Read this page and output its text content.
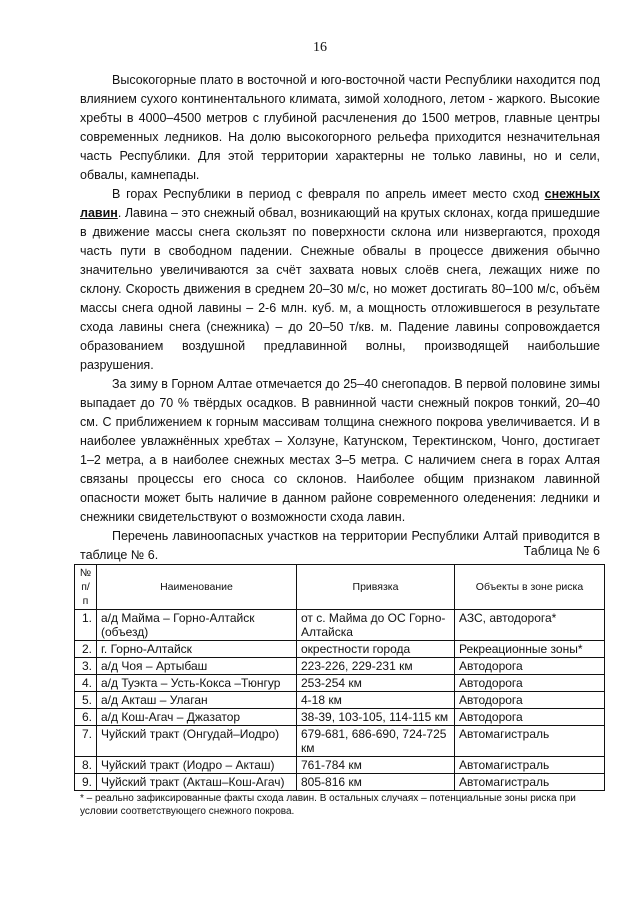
16

Высокогорные плато в восточной и юго-восточной части Республики находится под влиянием сухого континентального климата, зимой холодного, летом - жаркого. Высокие хребты в 4000–4500 метров с глубиной расчленения до 1500 метров, главные центры современных ледников. На долю высокогорного рельефа приходится незначительная часть Республики. Для этой территории характерны не только лавины, но и сели, обвалы, камнепады.

В горах Республики в период с февраля по апрель имеет место сход снежных лавин. Лавина – это снежный обвал, возникающий на крутых склонах, когда пришедшие в движение массы снега скользят по поверхности склона или низвергаются, проходя часть пути в свободном падении. Снежные обвалы в процессе движения обычно значительно увеличиваются за счёт захвата новых слоёв снега, лежащих ниже по склону. Скорость движения в среднем 20–30 м/с, но может достигать 80–100 м/с, объём массы снега одной лавины – 2-6 млн. куб. м, а мощность отложившегося в результате схода лавины снега (снежника) – до 20–50 т/кв. м. Падение лавины сопровождается образованием воздушной предлавинной волны, производящей наибольшие разрушения.

За зиму в Горном Алтае отмечается до 25–40 снегопадов. В первой половине зимы выпадает до 70 % твёрдых осадков. В равнинной части снежный покров тонкий, 20–40 см. С приближением к горным массивам толщина снежного покрова увеличивается. И в наиболее увлажнённых хребтах – Холзуне, Катунском, Теректинском, Чонго, достигает 1–2 метра, а в наиболее снежных местах 3–5 метра. С наличием снега в горах Алтая связаны процессы его сноса со склонов. Наиболее общим признаком лавинной опасности может быть наличие в данном районе современного оледенения: ледники и снежники свидетельствуют о возможности схода лавин.

Перечень лавиноопасных участков на территории Республики Алтай приводится в таблице № 6.	Таблица № 6
№ п/п	Наименование	Привязка	Объекты в зоне риска
1.	а/д Майма – Горно-Алтайск (объезд)	от с. Майма до ОС Горно-Алтайска	АЗС, автодорога*
2.	г. Горно-Алтайск	окрестности города	Рекреационные зоны*
3.	а/д Чоя – Артыбаш	223-226, 229-231 км	Автодорога
4.	а/д Туэкта – Усть-Кокса –Тюнгур	253-254 км	Автодорога
5.	а/д Акташ – Улаган	4-18 км	Автодорога
6.	а/д Кош-Агач – Джазатор	38-39, 103-105, 114-115 км	Автодорога
7.	Чуйский тракт (Онгудай–Иодро)	679-681, 686-690, 724-725 км	Автомагистраль
8.	Чуйский тракт (Иодро – Акташ)	761-784 км	Автомагистраль
9.	Чуйский тракт (Акташ–Кош-Агач)	805-816 км	Автомагистраль
* – реально зафиксированные факты схода лавин. В остальных случаях – потенциальные зоны риска при условии соответствующего снежного покрова.
